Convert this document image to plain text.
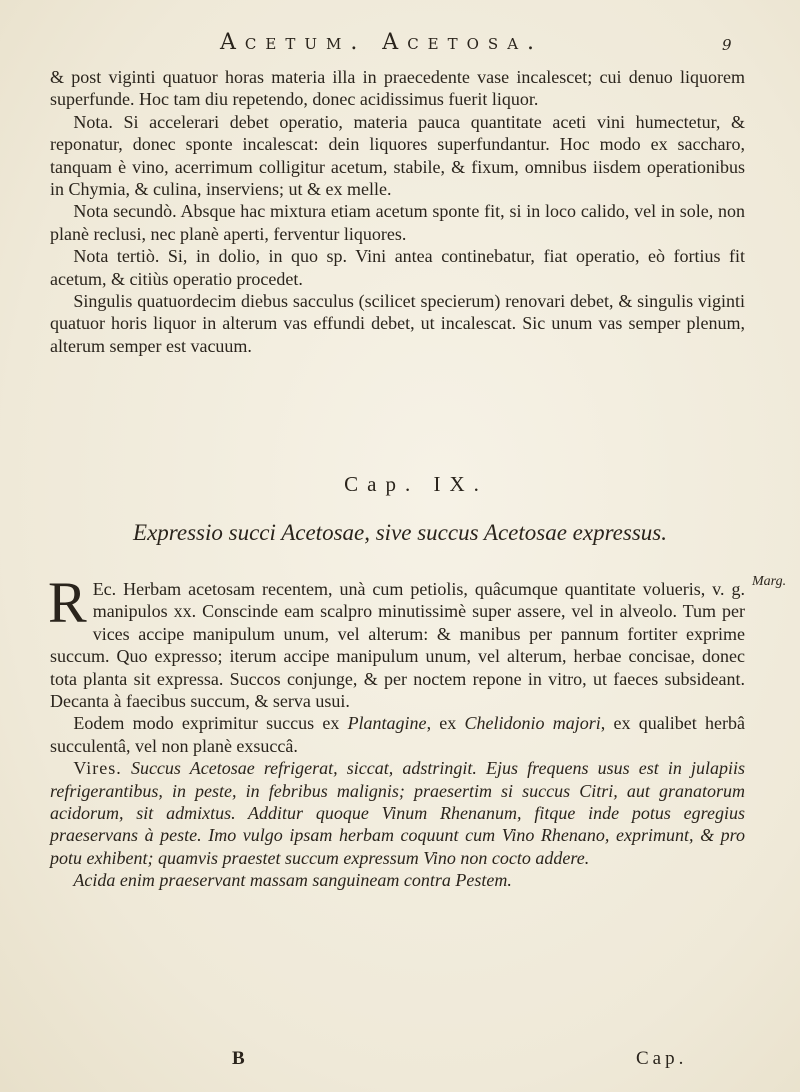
Acetum. Acetosa.	9

& post viginti quatuor horas materia illa in praecedente vase incalescet; cui denuo liquorem superfunde. Hoc tam diu repetendo, donec acidissimus fuerit liquor.

Nota. Si accelerari debet operatio, materia pauca quantitate aceti vini humectetur, & reponatur, donec sponte incalescat: dein liquores superfundantur. Hoc modo ex saccharo, tanquam è vino, acerrimum colligitur acetum, stabile, & fixum, omnibus iisdem operationibus in Chymia, & culina, inserviens; ut & ex melle.

Nota secundò. Absque hac mixtura etiam acetum sponte fit, si in loco calido, vel in sole, non planè reclusi, nec planè aperti, ferventur liquores.

Nota tertiò. Si, in dolio, in quo sp. Vini antea continebatur, fiat operatio, eò fortius fit acetum, & citiùs operatio procedet.

Singulis quatuordecim diebus sacculus (scilicet specierum) renovari debet, & singulis viginti quatuor horis liquor in alterum vas effundi debet, ut incalescat. Sic unum vas semper plenum, alterum semper est vacuum.

Cap. IX.
Expressio succi Acetosae, sive succus Acetosae expressus.
Marg.

R Ec. Herbam acetosam recentem, unà cum petiolis, quâcumque quantitate volueris, v. g. manipulos xx. Conscinde eam scalpro minutissimè super assere, vel in alveolo. Tum per vices accipe manipulum unum, vel alterum: & manibus per pannum fortiter exprime succum. Quo expresso; iterum accipe manipulum unum, vel alterum, herbae concisae, donec tota planta sit expressa. Succos conjunge, & per noctem repone in vitro, ut faeces subsideant. Decanta à faecibus succum, & serva usui.

Eodem modo exprimitur succus ex Plantagine, ex Chelidonio majori, ex qualibet herbâ succulentâ, vel non planè exsuccâ.

Vires. Succus Acetosae refrigerat, siccat, adstringit. Ejus frequens usus est in julapiis refrigerantibus, in peste, in febribus malignis; praesertim si succus Citri, aut granatorum acidorum, sit admixtus. Additur quoque Vinum Rhenanum, fitque inde potus egregius praeservans à peste. Imo vulgo ipsam herbam coquunt cum Vino Rhenano, exprimunt, & pro potu exhibent; quamvis praestet succum expressum Vino non cocto addere.

Acida enim praeservant massam sanguineam contra Pestem.

B	Cap.
